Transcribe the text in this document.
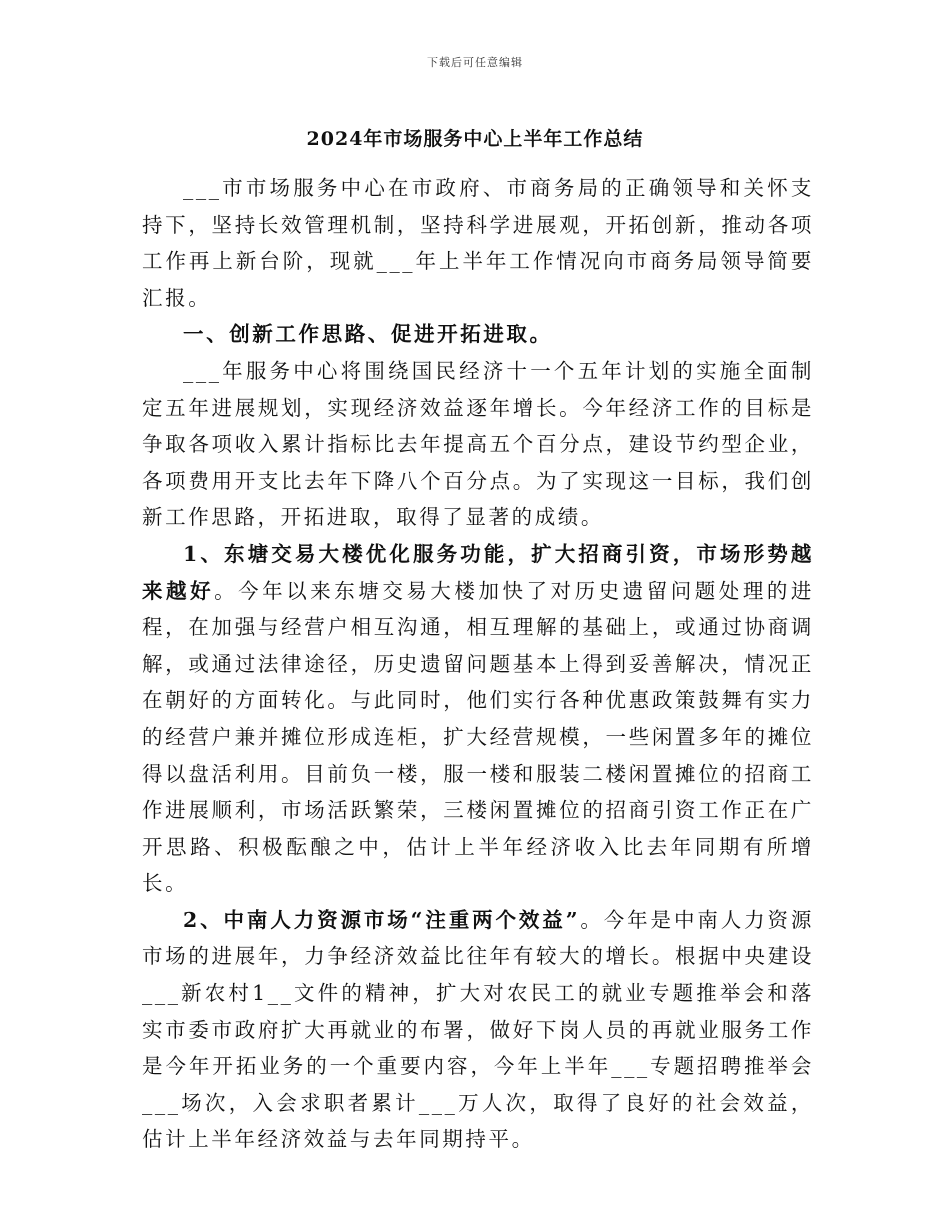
下载后可任意编辑
2024年市场服务中心上半年工作总结

___市市场服务中心在市政府、市商务局的正确领导和关怀支持下，坚持长效管理机制，坚持科学进展观，开拓创新，推动各项工作再上新台阶，现就___年上半年工作情况向市商务局领导简要汇报。

一、创新工作思路、促进开拓进取。

___年服务中心将围绕国民经济十一个五年计划的实施全面制定五年进展规划，实现经济效益逐年增长。今年经济工作的目标是争取各项收入累计指标比去年提高五个百分点，建设节约型企业，各项费用开支比去年下降八个百分点。为了实现这一目标，我们创新工作思路，开拓进取，取得了显著的成绩。

1、东塘交易大楼优化服务功能，扩大招商引资，市场形势越来越好。今年以来东塘交易大楼加快了对历史遗留问题处理的进程，在加强与经营户相互沟通，相互理解的基础上，或通过协商调解，或通过法律途径，历史遗留问题基本上得到妥善解决，情况正在朝好的方面转化。与此同时，他们实行各种优惠政策鼓舞有实力的经营户兼并摊位形成连柜，扩大经营规模，一些闲置多年的摊位得以盘活利用。目前负一楼，服一楼和服装二楼闲置摊位的招商工作进展顺利，市场活跃繁荣，三楼闲置摊位的招商引资工作正在广开思路、积极酝酿之中，估计上半年经济收入比去年同期有所增长。

2、中南人力资源市场“注重两个效益”。今年是中南人力资源市场的进展年，力争经济效益比往年有较大的增长。根据中央建设___新农村1__文件的精神，扩大对农民工的就业专题推举会和落实市委市政府扩大再就业的布署，做好下岗人员的再就业服务工作是今年开拓业务的一个重要内容，今年上半年___专题招聘推举会___场次，入会求职者累计___万人次，取得了良好的社会效益，估计上半年经济效益与去年同期持平。
